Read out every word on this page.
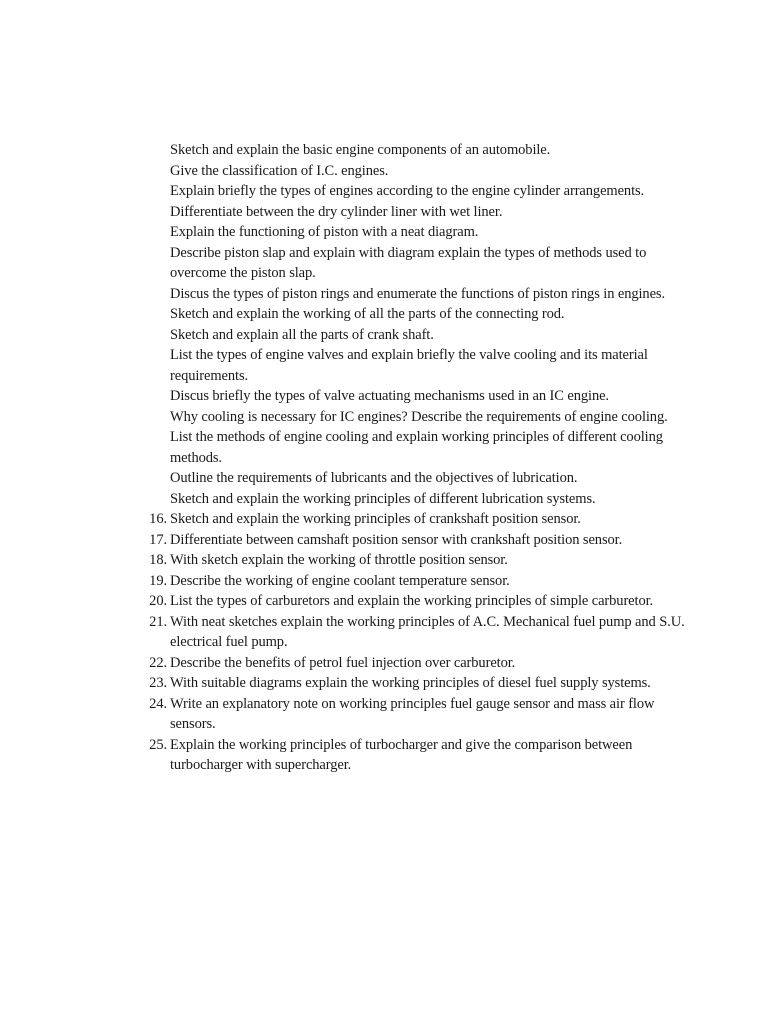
Sketch and explain the basic engine components of an automobile.
Give the classification of I.C. engines.
Explain briefly the types of engines according to the engine cylinder arrangements.
Differentiate between the dry cylinder liner with wet liner.
Explain the functioning of piston with a neat diagram.
Describe piston slap and explain with diagram explain the types of methods used to overcome the piston slap.
Discus the types of piston rings and enumerate the functions of piston rings in engines.
Sketch and explain the working of all the parts of the connecting rod.
Sketch and explain all the parts of crank shaft.
List the types of engine valves and explain briefly the valve cooling and its material requirements.
Discus briefly the types of valve actuating mechanisms used in an IC engine.
Why cooling is necessary for IC engines? Describe the requirements of engine cooling.
List the methods of engine cooling and explain working principles of different cooling methods.
Outline the requirements of lubricants and the objectives of lubrication.
Sketch and explain the working principles of different lubrication systems.
16. Sketch and explain the working principles of crankshaft position sensor.
17. Differentiate between camshaft position sensor with crankshaft position sensor.
18. With sketch explain the working of throttle position sensor.
19. Describe the working of engine coolant temperature sensor.
20. List the types of carburetors and explain the working principles of simple carburetor.
21. With neat sketches explain the working principles of A.C. Mechanical fuel pump and S.U. electrical fuel pump.
22. Describe the benefits of petrol fuel injection over carburetor.
23. With suitable diagrams explain the working principles of diesel fuel supply systems.
24. Write an explanatory note on working principles fuel gauge sensor and mass air flow sensors.
25. Explain the working principles of turbocharger and give the comparison between turbocharger with supercharger.
